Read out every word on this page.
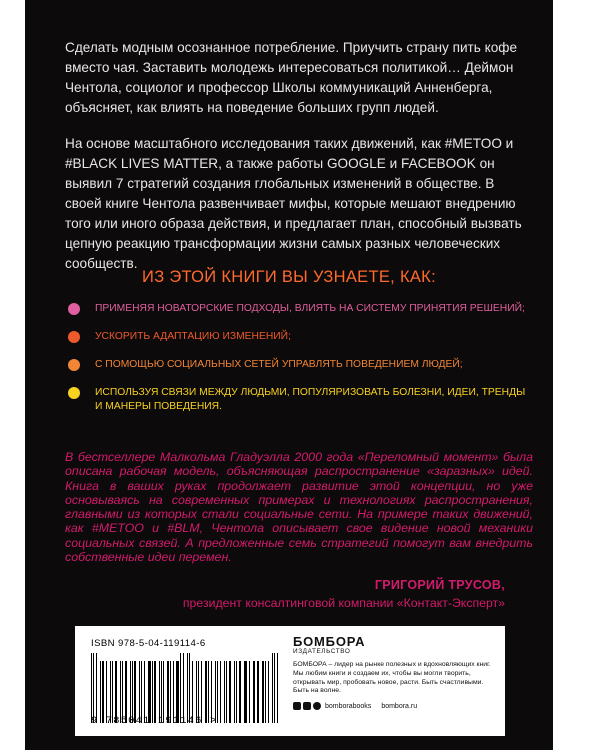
Сделать модным осознанное потребление. Приучить страну пить кофе вместо чая. Заставить молодежь интересоваться политикой… Деймон Чентола, социолог и профессор Школы коммуникаций Анненберга, объясняет, как влиять на поведение больших групп людей.

На основе масштабного исследования таких движений, как #METOO и #BLACK LIVES MATTER, а также работы GOOGLE и FACEBOOK он выявил 7 стратегий создания глобальных изменений в обществе. В своей книге Чентола развенчивает мифы, которые мешают внедрению того или иного образа действия, и предлагает план, способный вызвать цепную реакцию трансформации жизни самых разных человеческих сообществ.

ИЗ ЭТОЙ КНИГИ ВЫ УЗНАЕТЕ, КАК:
ПРИМЕНЯЯ НОВАТОРСКИЕ ПОДХОДЫ, ВЛИЯТЬ НА СИСТЕМУ ПРИНЯТИЯ РЕШЕНИЙ;
УСКОРИТЬ АДАПТАЦИЮ ИЗМЕНЕНИЙ;
С ПОМОЩЬЮ СОЦИАЛЬНЫХ СЕТЕЙ УПРАВЛЯТЬ ПОВЕДЕНИЕМ ЛЮДЕЙ;
ИСПОЛЬЗУЯ СВЯЗИ МЕЖДУ ЛЮДЬМИ, ПОПУЛЯРИЗОВАТЬ БОЛЕЗНИ, ИДЕИ, ТРЕНДЫ И МАНЕРЫ ПОВЕДЕНИЯ.
В бестселлере Малкольма Гладуэлла 2000 года «Переломный момент» была описана рабочая модель, объясняющая распространение «заразных» идей. Книга в ваших руках продолжает развитие этой концепции, но уже основываясь на современных примерах и технологиях распространения, главными из которых стали социальные сети. На примере таких движений, как #METOO и #BLM, Чентола описывает свое видение новой механики социальных связей. А предложенные семь стратегий помогут вам внедрить собственные идеи перемен.
ГРИГОРИЙ ТРУСОВ,
президент консалтинговой компании «Контакт-Эксперт»
ISBN 978-5-04-119114-6
9 785041 191146 >
БОМБОРА
ИЗДАТЕЛЬСТВО
БОМБОРА – лидер на рынке полезных и вдохновляющих книг. Мы любим книги и создаем их, чтобы вы могли творить, открывать мир, пробовать новое, расти. Быть счастливыми. Быть на волне.
bomborabooks bombora.ru
